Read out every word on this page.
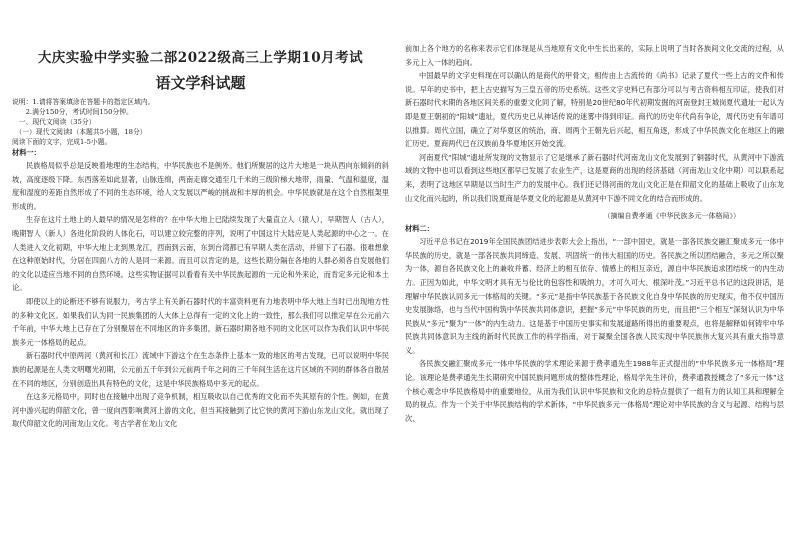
大庆实验中学实验二部2022级高三上学期10月考试
语文学科试题

说明：1.请将答案填涂在答题卡的指定区域内。

　　2.满分150分，考试时间150分钟。

　一、现代文阅读（35分）

　（一）现代文阅读Ⅰ（本题共5小题，18分）

阅读下面的文字，完成1-5小题。

材料一：

民族格局似乎总是反映着地理的生态结构，中华民族也不是例外。他们所聚居的这片大地是一块从西向东倾斜的斜坡，高度逐级下降。东西落差如此显著，山脉连绵，两南走廊交通至几千米的三级阶梯大地带，雨量、气温和温度，温度和湿度的差距自然形成了不同的生态环境，给人文发展以严峻的挑战和丰厚的机会。中华民族就是在这个自然框架里形成的。

生存在这片土地上的人最早的情况是怎样的？在中华大地上已陆续发现了大量直立人（猿人），早期智人（古人），晚期智人（新人）各进化阶段的人体化石，可以建立较完整的序列，说明了中国这片大陆应是人类起源的中心之一。在人类进入文化初期，中华大地上北到黑龙江，西南到云南，东到台湾都已有早期人类在活动，并留下了石器。很难想象在这种原始时代，分居在四面八方的人是同一来源。而且可以肯定的是，这些长期分隔在各地的人群必须各自发展他们的文化以适应当地不同的自然环境。这些实物证据可以看看有关中华民族起源的一元论和外来论，而肯定多元论和本土论。

即使以上的论断还不够有说服力，考古学上有关新石器时代的丰富资料更有力地表明中华大地上当时已出现地方性的多种文化区。如果我们认为同一民族集团的人大体上总得有一定的文化上的一致性，那么我们可以推定早在公元前六千年前，中华大地上已存在了分别聚居在不同地区的许多集团，新石器时期各地不同的文化区可以作为我们认识中华民族多元一体格局的起点。

新石器时代中原两河（黄河和长江）流域中下游这个在生态条件上基本一致的地区的考古发现，已可以说明中华民族的起源是在人类文明曙光初期，公元前五千年到公元前两千年之间的三千年间生活在这片区域的不同的群体各自散居在不同的地区，分别创造出具有特色的文化，这是中华民族格局中多元的起点。

在这多元格局中，同时也在接触中出现了竞争机制，相互吸收以自己优秀的文化而不失其原有的个性。例如，在黄河中游兴起的仰韶文化，曾一度向西影响黄河上游的文化，但当其接触到了比它快的黄河下游山东龙山文化，就出现了取代仰韶文化的河南龙山文化。考古学者在龙山文化

前加上各个地方的名称来表示它们体现是从当地原有文化中生长出来的，实际上说明了当时各族间文化交流的过程，从多元上入一体的趋向。

中国最早的文字史料现在可以确认的是商代的甲骨文，相传由上古流传的《尚书》记录了夏代一些上古的文件和传说。早年的史书中，把上古史描写为三皇五帝的历史系统。这些文字史料已有部分可以与考古资料相互印证，使我们对新石器时代末期的各地区间关系的重要文化同了解，特别是20世纪80年代初期发掘的河南登封王城岗夏代遗址一起认为即是夏王朝初的“阳城”遗址，夏代历史已从神话传说的迷雾中得到印证。商代的历史年代尚有争论，周代历史有年谱可以推算。周代立国，确立了对华夏区的统治，商、周两个王朝先后兴起，相互角逐，形成了中华民族文化在地区上的融汇历史。夏商两代已在汉族前身华夏地区开始交流。

河南夏代“阳城”遗址所发现的文物显示了它是继承了新石器时代河南龙山文化发展到了铜器时代，从黄河中下游流域的文物中也可以看到这些地区都早已发展了农业生产，这是夏商的出现的经济基础（河南龙山文化中期）可以联系起来，表明了这地区早期是以当时生产力的发展中心。我们还记得河南的龙山文化正是在仰韶文化的基础上吸收了山东龙山文化而兴起的，所以我们说夏商是华夏文化的起源是从黄河中下游不同文化的结合而形成的。

（摘编自费孝通《中华民族多元一体格局》）

材料二：

习近平总书记在2019年全国民族团结进步表彰大会上指出，“一部中国史，就是一部各民族交融汇聚成多元一体中华民族的历史，就是一部各民族共同缔造、发展、巩固统一的伟大祖国的历史。各民族之所以团结融合，多元之所以聚为一体，源自各民族文化上的兼收并蓄、经济上的相互依存、情感上的相互亲近，源自中华民族追求团结统一的内生动力。正因为如此，中华文明才具有无与伦比的包容性和吸纳力，才可久可大、根深叶茂。”习近平总书记的这段讲话，是理解中华民族认同多元一体格局的关键。“多元”是指中华民族基于各民族文化自身中华民族的历史现实，他不仅中国历史发展脉络，也与当代中国构筑中华民族共同体意识，把握“多元”中华民族的历史，而且把“三个相互”深刻认识为中华民族从“多元”聚为“一体”的内生动力。这是基于中国历史事实和发展道路所得出的重要观点，也将是解释如何铸牢中华民族共同体意识为主线的新时代民族工作的科学指南，对于凝聚全国各族人民实现中华民族伟大复兴具有重大指导意义。

各民族交融汇聚成多元一体中华民族的学术理论来源于费孝通先生1988年正式提出的“中华民族多元一体格局”理论。该理论是费孝通先生长期研究中国民族问题形成的整体性理论，格局学先生评价，费孝通教授概念了“多元一体”这个核心观念中华民族格局中的重要地位，从而为我们认识中华民族和文化的总特点提供了一组有力的认知工具和理解全局的视点。作为一个关于中华民族结构的学术新体，“中华民族多元一体格局”理论对中华民族的含义与起源、结构与层次、
